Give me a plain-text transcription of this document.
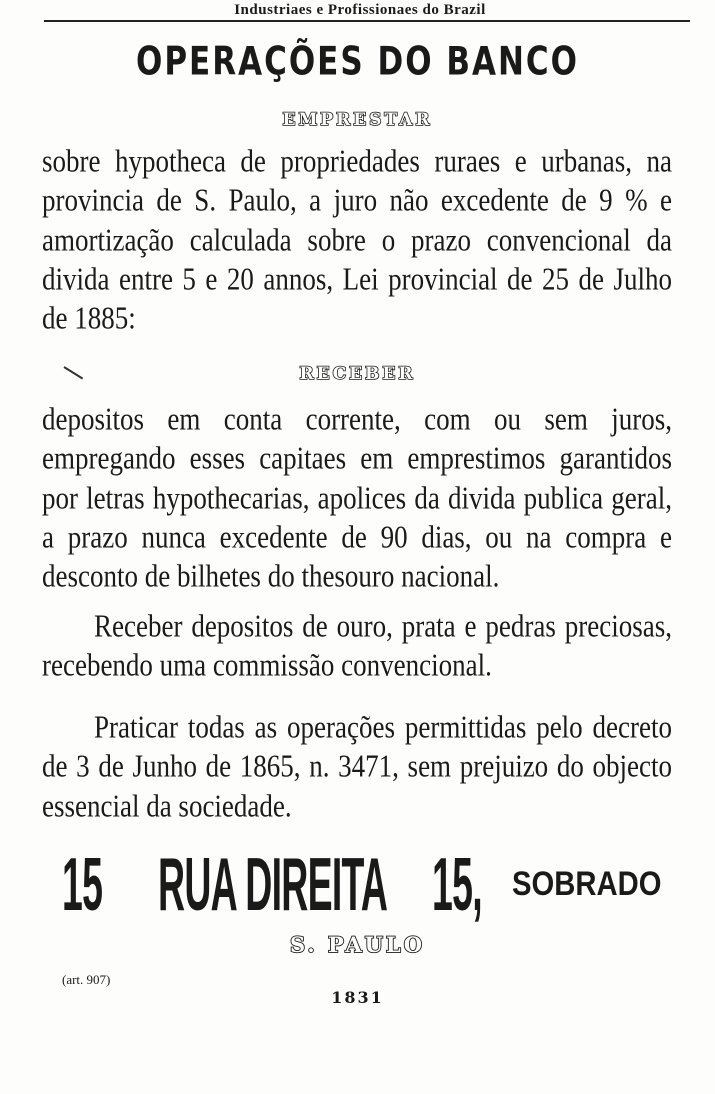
Industriaes e Profissionaes do Brazil
OPERAÇÕES DO BANCO
EMPRESTAR

sobre hypotheca de propriedades ruraes e urbanas, na provincia de S. Paulo, a juro não excedente de 9 % e amortização calculada sobre o prazo convencional da divida entre 5 e 20 annos, Lei provincial de 25 de Julho de 1885:

RECEBER

depositos em conta corrente, com ou sem juros, empregando esses capitaes em emprestimos garantidos por letras hypothecarias, apolices da divida publica geral, a prazo nunca excedente de 90 dias, ou na compra e desconto de bilhetes do thesouro nacional.

Receber depositos de ouro, prata e pedras preciosas, recebendo uma commissão convencional.

Praticar todas as operações permittidas pelo decreto de 3 de Junho de 1865, n. 3471, sem prejuizo do objecto essencial da sociedade.

15 RUA DIREITA 15, SOBRADO
S. PAULO
(art. 907)
1831
